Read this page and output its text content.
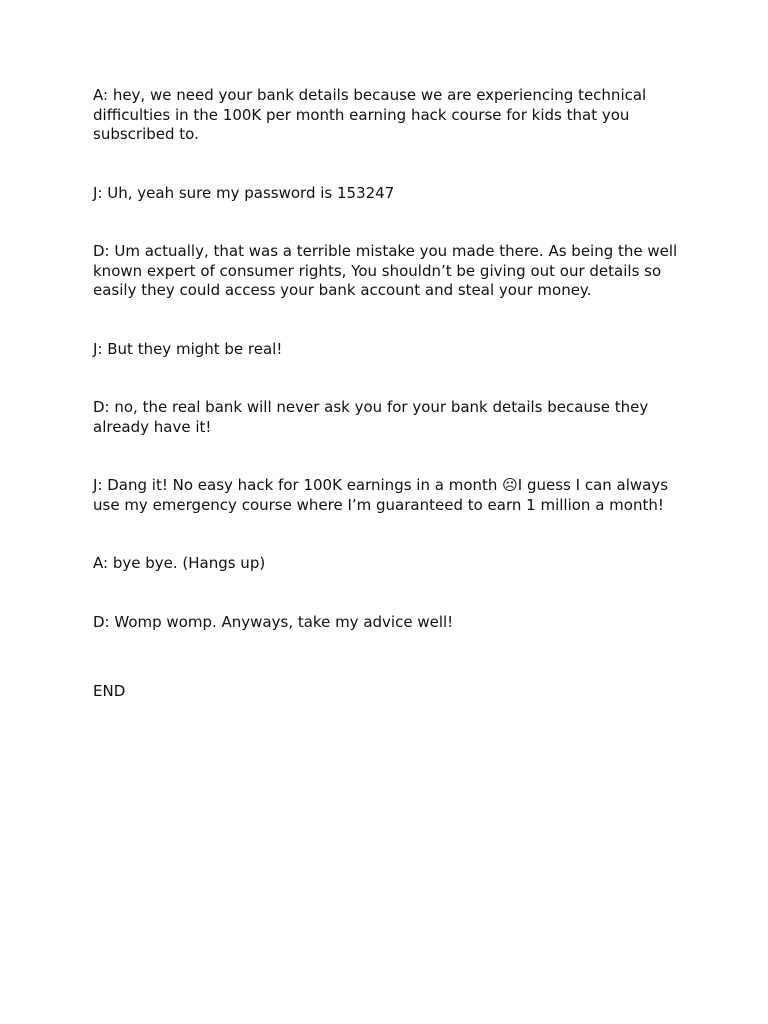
A: hey, we need your bank details because we are experiencing technical difficulties in the 100K per month earning hack course for kids that you subscribed to.

J: Uh, yeah sure my password is 153247

D: Um actually, that was a terrible mistake you made there. As being the well known expert of consumer rights, You shouldn’t be giving out our details so easily they could access your bank account and steal your money.

J: But they might be real!

D: no, the real bank will never ask you for your bank details because they already have it!

J: Dang it! No easy hack for 100K earnings in a month ☹I guess I can always use my emergency course where I’m guaranteed to earn 1 million a month!

A: bye bye. (Hangs up)

D: Womp womp. Anyways, take my advice well!

END
